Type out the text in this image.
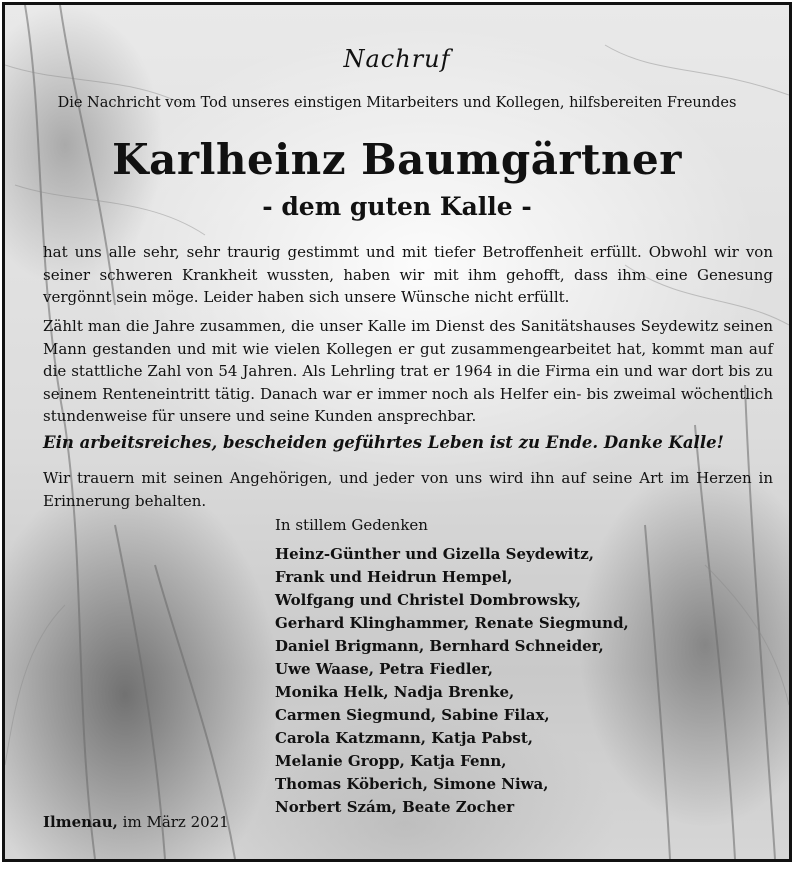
Nachruf
Die Nachricht vom Tod unseres einstigen Mitarbeiters und Kollegen, hilfsbereiten Freundes
Karlheinz Baumgärtner
- dem guten Kalle -
hat uns alle sehr, sehr traurig gestimmt und mit tiefer Betroffenheit erfüllt. Obwohl wir von seiner schweren Krankheit wussten, haben wir mit ihm gehofft, dass ihm eine Genesung vergönnt sein möge. Leider haben sich unsere Wünsche nicht erfüllt.
Zählt man die Jahre zusammen, die unser Kalle im Dienst des Sanitätshauses Seydewitz seinen Mann gestanden und mit wie vielen Kollegen er gut zusammengearbeitet hat, kommt man auf die stattliche Zahl von 54 Jahren. Als Lehrling trat er 1964 in die Firma ein und war dort bis zu seinem Renteneintritt tätig. Danach war er immer noch als Helfer ein- bis zweimal wöchentlich stundenweise für unsere und seine Kunden ansprechbar.
Ein arbeitsreiches, bescheiden geführtes Leben ist zu Ende. Danke Kalle!
Wir trauern mit seinen Angehörigen, und jeder von uns wird ihn auf seine Art im Herzen in Erinnerung behalten.
In stillem Gedenken
Heinz-Günther und Gizella Seydewitz,
Frank und Heidrun Hempel,
Wolfgang und Christel Dombrowsky,
Gerhard Klinghammer, Renate Siegmund,
Daniel Brigmann, Bernhard Schneider,
Uwe Waase, Petra Fiedler,
Monika Helk, Nadja Brenke,
Carmen Siegmund, Sabine Filax,
Carola Katzmann, Katja Pabst,
Melanie Gropp, Katja Fenn,
Thomas Köberich, Simone Niwa,
Norbert Szám, Beate Zocher
Ilmenau, im März 2021
